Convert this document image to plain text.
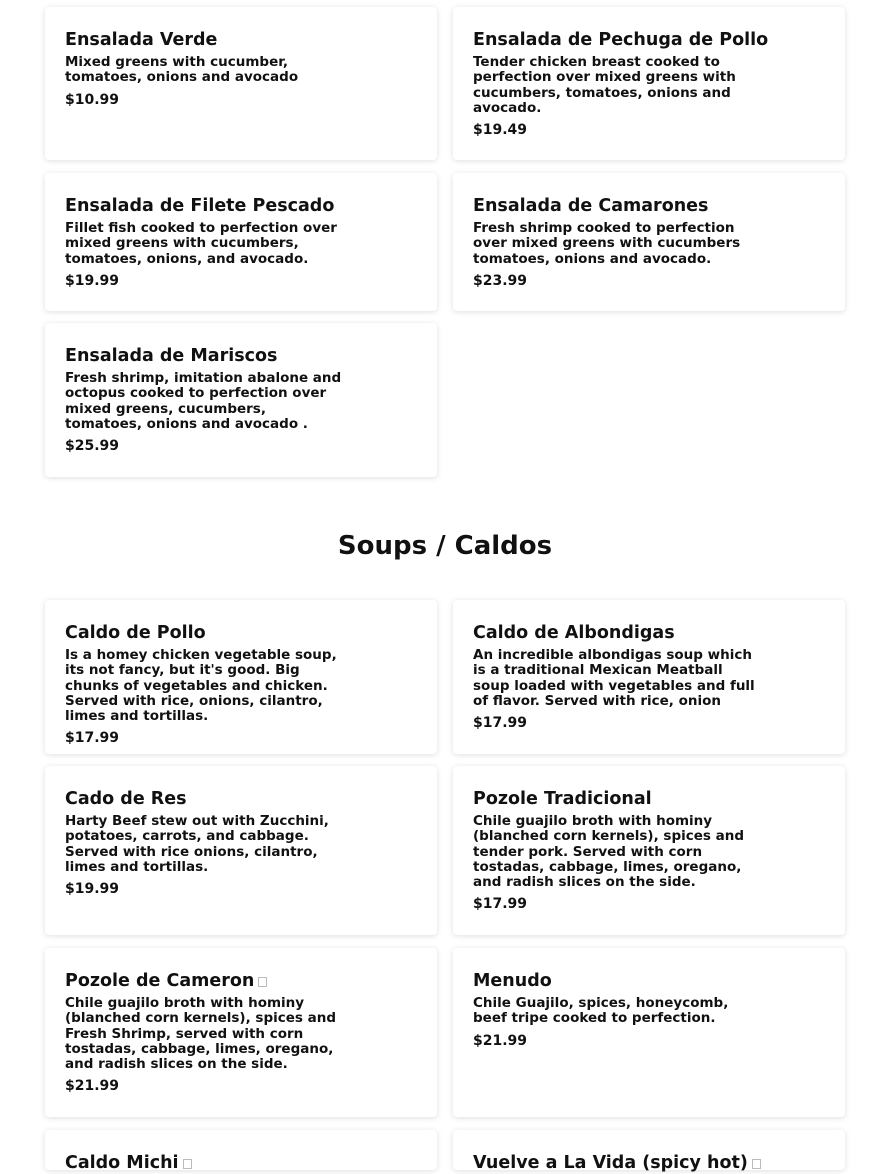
Ensalada Verde
Mixed greens with cucumber, tomatoes, onions and avocado
$10.99
Ensalada de Pechuga de Pollo
Tender chicken breast cooked to perfection over mixed greens with cucumbers, tomatoes, onions and avocado.
$19.49
Ensalada de Filete Pescado
Fillet fish cooked to perfection over mixed greens with cucumbers, tomatoes, onions, and avocado.
$19.99
Ensalada de Camarones
Fresh shrimp cooked to perfection over mixed greens with cucumbers tomatoes, onions and avocado.
$23.99
Ensalada de Mariscos
Fresh shrimp, imitation abalone and octopus cooked to perfection over mixed greens, cucumbers, tomatoes, onions and avocado .
$25.99
Soups / Caldos
Caldo de Pollo
Is a homey chicken vegetable soup, its not fancy, but it's good. Big chunks of vegetables and chicken. Served with rice, onions, cilantro, limes and tortillas.
$17.99
Caldo de Albondigas
An incredible albondigas soup which is a traditional Mexican Meatball soup loaded with vegetables and full of flavor. Served with rice, onion
$17.99
Cado de Res
Harty Beef stew out with Zucchini, potatoes, carrots, and cabbage. Served with rice onions, cilantro, limes and tortillas.
$19.99
Pozole Tradicional
Chile guajilo broth with hominy (blanched corn kernels), spices and tender pork. Served with corn tostadas, cabbage, limes, oregano, and radish slices on the side.
$17.99
Pozole de Cameron
Chile guajilo broth with hominy (blanched corn kernels), spices and Fresh Shrimp, served with corn tostadas, cabbage, limes, oregano, and radish slices on the side.
$21.99
Menudo
Chile Guajilo, spices, honeycomb, beef tripe cooked to perfection.
$21.99
Caldo Michi	Vuelve a La Vida (spicy hot)
